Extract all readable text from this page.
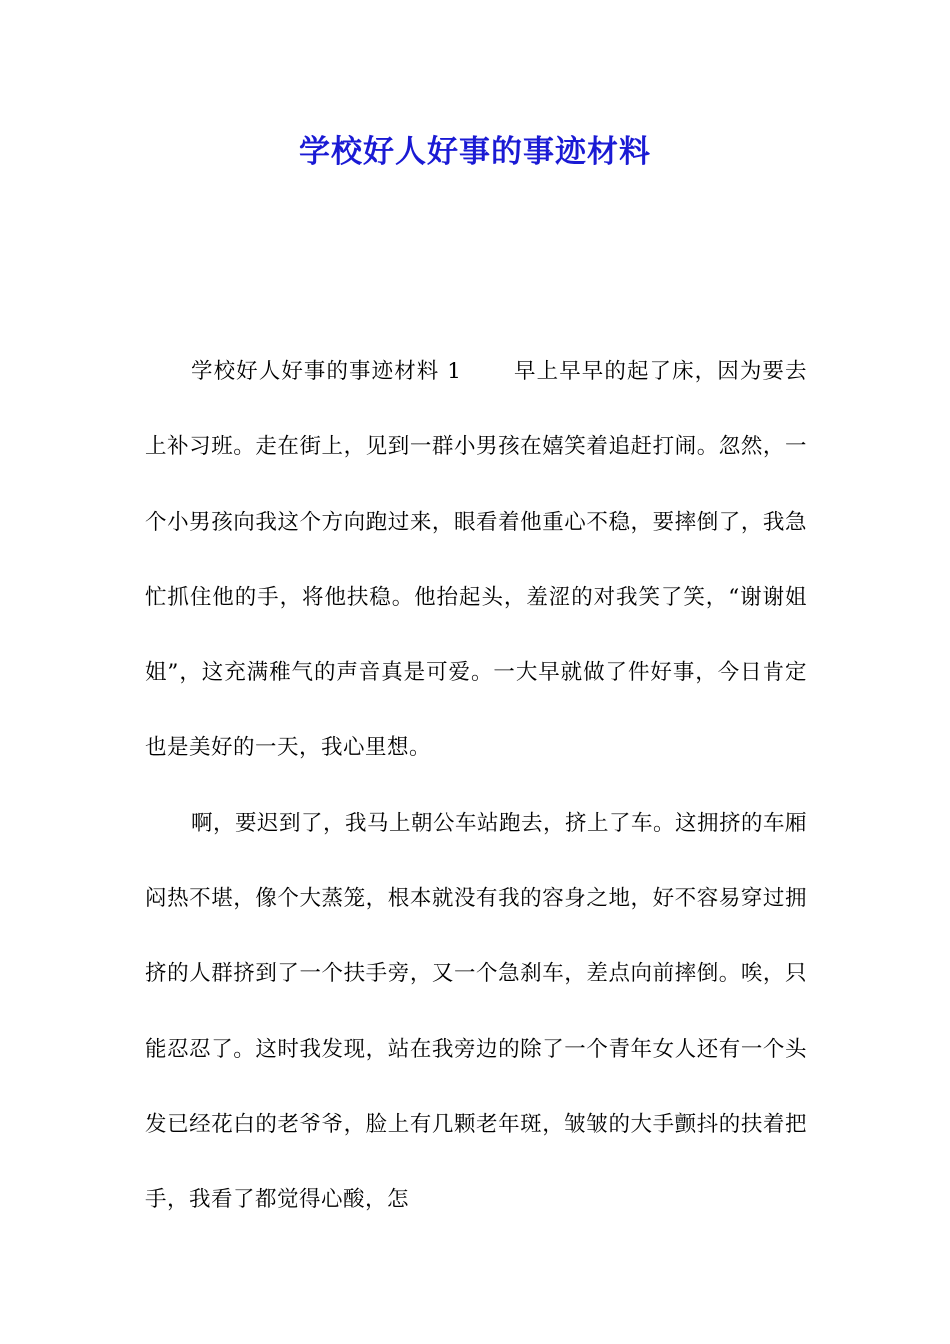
学校好人好事的事迹材料

学校好人好事的事迹材料 1 早上早早的起了床，因为要去上补习班。走在街上，见到一群小男孩在嬉笑着追赶打闹。忽然，一个小男孩向我这个方向跑过来，眼看着他重心不稳，要摔倒了，我急忙抓住他的手，将他扶稳。他抬起头，羞涩的对我笑了笑，“谢谢姐姐”，这充满稚气的声音真是可爱。一大早就做了件好事，今日肯定也是美好的一天，我心里想。

啊，要迟到了，我马上朝公车站跑去，挤上了车。这拥挤的车厢闷热不堪，像个大蒸笼，根本就没有我的容身之地，好不容易穿过拥挤的人群挤到了一个扶手旁，又一个急刹车，差点向前摔倒。唉，只能忍忍了。这时我发现，站在我旁边的除了一个青年女人还有一个头发已经花白的老爷爷，脸上有几颗老年斑，皱皱的大手颤抖的扶着把手，我看了都觉得心酸，怎
